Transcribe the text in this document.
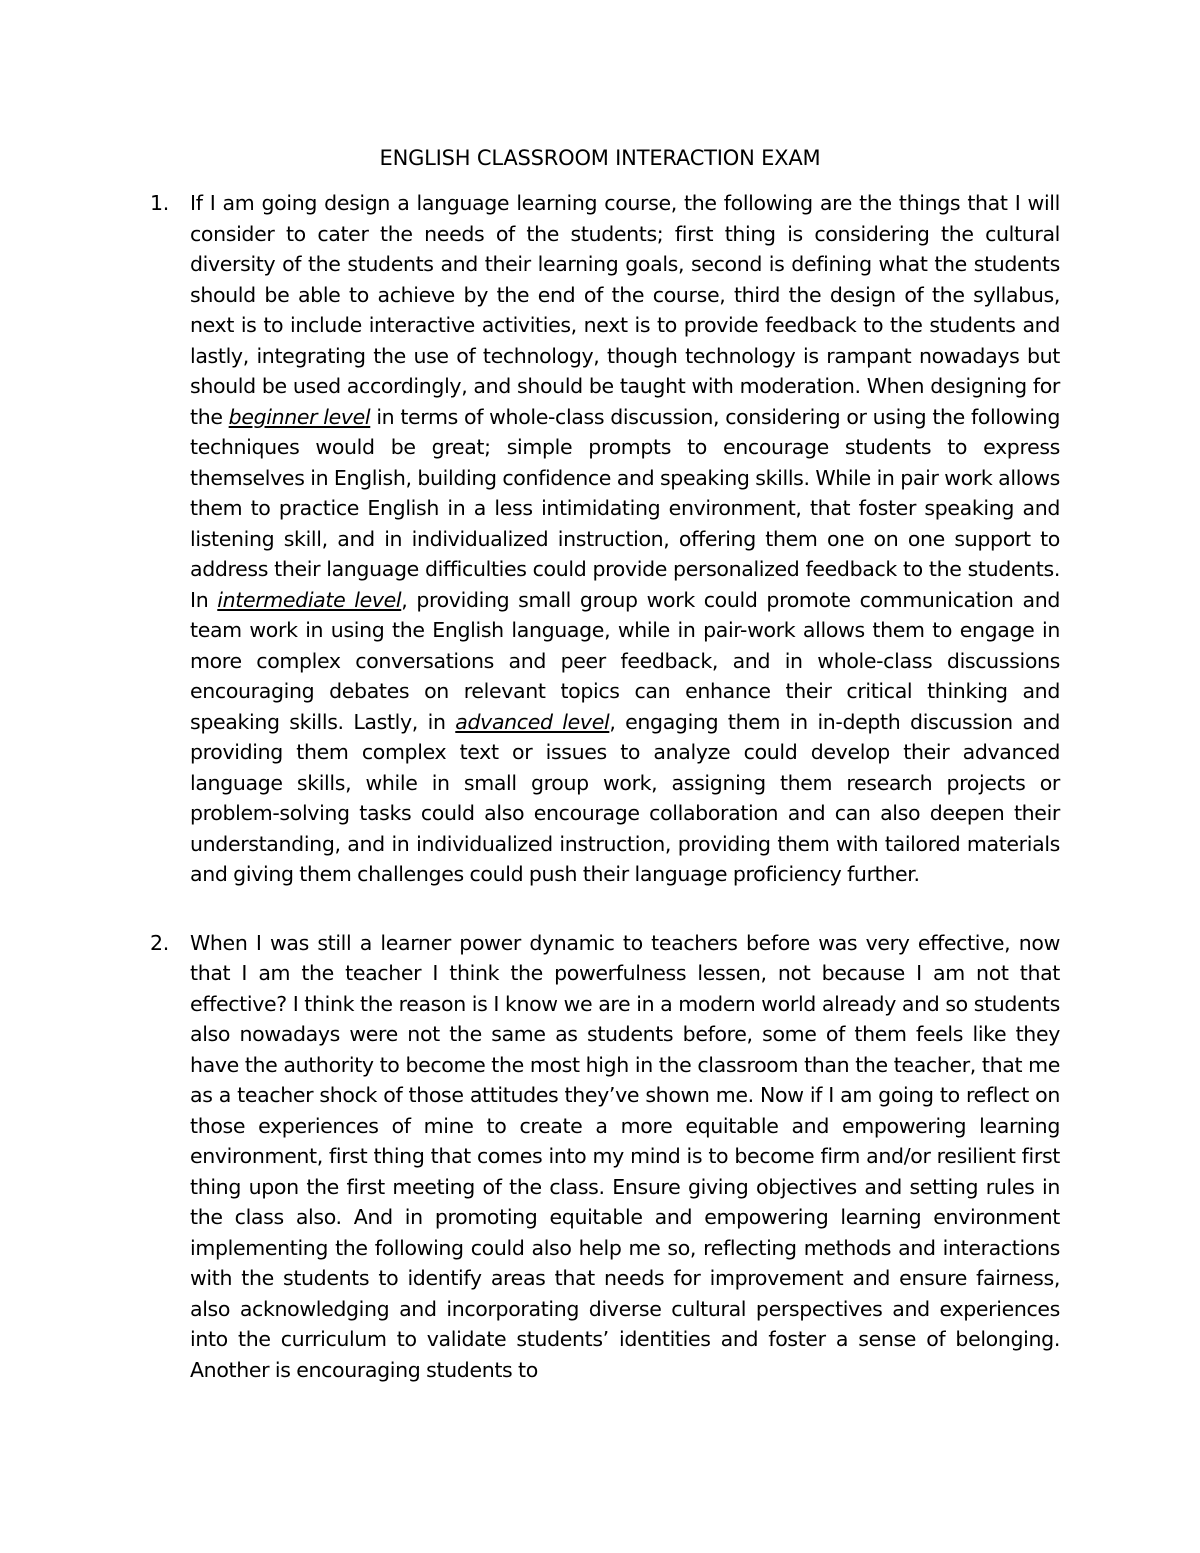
ENGLISH CLASSROOM INTERACTION EXAM
1. If I am going design a language learning course, the following are the things that I will consider to cater the needs of the students; first thing is considering the cultural diversity of the students and their learning goals, second is defining what the students should be able to achieve by the end of the course, third the design of the syllabus, next is to include interactive activities, next is to provide feedback to the students and lastly, integrating the use of technology, though technology is rampant nowadays but should be used accordingly, and should be taught with moderation. When designing for the beginner level in terms of whole-class discussion, considering or using the following techniques would be great; simple prompts to encourage students to express themselves in English, building confidence and speaking skills. While in pair work allows them to practice English in a less intimidating environment, that foster speaking and listening skill, and in individualized instruction, offering them one on one support to address their language difficulties could provide personalized feedback to the students. In intermediate level, providing small group work could promote communication and team work in using the English language, while in pair-work allows them to engage in more complex conversations and peer feedback, and in whole-class discussions encouraging debates on relevant topics can enhance their critical thinking and speaking skills. Lastly, in advanced level, engaging them in in-depth discussion and providing them complex text or issues to analyze could develop their advanced language skills, while in small group work, assigning them research projects or problem-solving tasks could also encourage collaboration and can also deepen their understanding, and in individualized instruction, providing them with tailored materials and giving them challenges could push their language proficiency further.
2. When I was still a learner power dynamic to teachers before was very effective, now that I am the teacher I think the powerfulness lessen, not because I am not that effective? I think the reason is I know we are in a modern world already and so students also nowadays were not the same as students before, some of them feels like they have the authority to become the most high in the classroom than the teacher, that me as a teacher shock of those attitudes they’ve shown me. Now if I am going to reflect on those experiences of mine to create a more equitable and empowering learning environment, first thing that comes into my mind is to become firm and/or resilient first thing upon the first meeting of the class. Ensure giving objectives and setting rules in the class also. And in promoting equitable and empowering learning environment implementing the following could also help me so, reflecting methods and interactions with the students to identify areas that needs for improvement and ensure fairness, also acknowledging and incorporating diverse cultural perspectives and experiences into the curriculum to validate students’ identities and foster a sense of belonging. Another is encouraging students to
